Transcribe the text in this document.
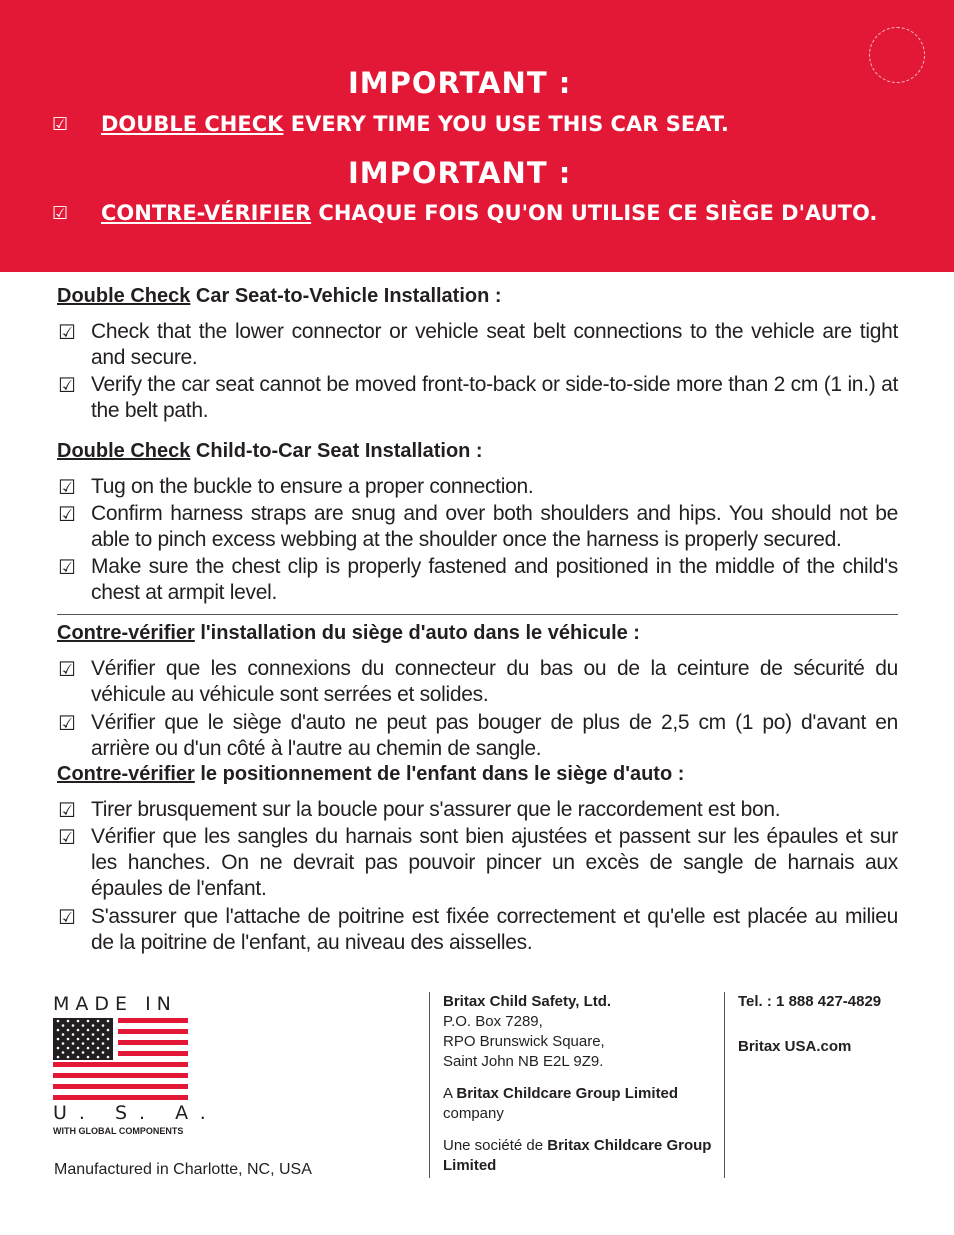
IMPORTANT :
☑ DOUBLE CHECK EVERY TIME YOU USE THIS CAR SEAT.
IMPORTANT :
☑ CONTRE-VÉRIFIER CHAQUE FOIS QU'ON UTILISE CE SIÈGE D'AUTO.
Double Check Car Seat-to-Vehicle Installation :
☑ Check that the lower connector or vehicle seat belt connections to the vehicle are tight and secure.
☑ Verify the car seat cannot be moved front-to-back or side-to-side more than 2 cm (1 in.) at the belt path.
Double Check Child-to-Car Seat Installation :
☑ Tug on the buckle to ensure a proper connection.
☑ Confirm harness straps are snug and over both shoulders and hips. You should not be able to pinch excess webbing at the shoulder once the harness is properly secured.
☑ Make sure the chest clip is properly fastened and positioned in the middle of the child's chest at armpit level.
Contre-vérifier l'installation du siège d'auto dans le véhicule :
☑ Vérifier que les connexions du connecteur du bas ou de la ceinture de sécurité du véhicule au véhicule sont serrées et solides.
☑ Vérifier que le siège d'auto ne peut pas bouger de plus de 2,5 cm (1 po) d'avant en arrière ou d'un côté à l'autre au chemin de sangle.
Contre-vérifier le positionnement de l'enfant dans le siège d'auto :
☑ Tirer brusquement sur la boucle pour s'assurer que le raccordement est bon.
☑ Vérifier que les sangles du harnais sont bien ajustées et passent sur les épaules et sur les hanches. On ne devrait pas pouvoir pincer un excès de sangle de harnais aux épaules de l'enfant.
☑ S'assurer que l'attache de poitrine est fixée correctement et qu'elle est placée au milieu de la poitrine de l'enfant, au niveau des aisselles.
MADE IN
U. S. A.
WITH GLOBAL COMPONENTS
Manufactured in Charlotte, NC, USA

Britax Child Safety, Ltd.
P.O. Box 7289,
RPO Brunswick Square,
Saint John NB E2L 9Z9.

A Britax Childcare Group Limited
company

Une société de Britax Childcare Group Limited

Tel. : 1 888 427-4829

Britax USA.com
